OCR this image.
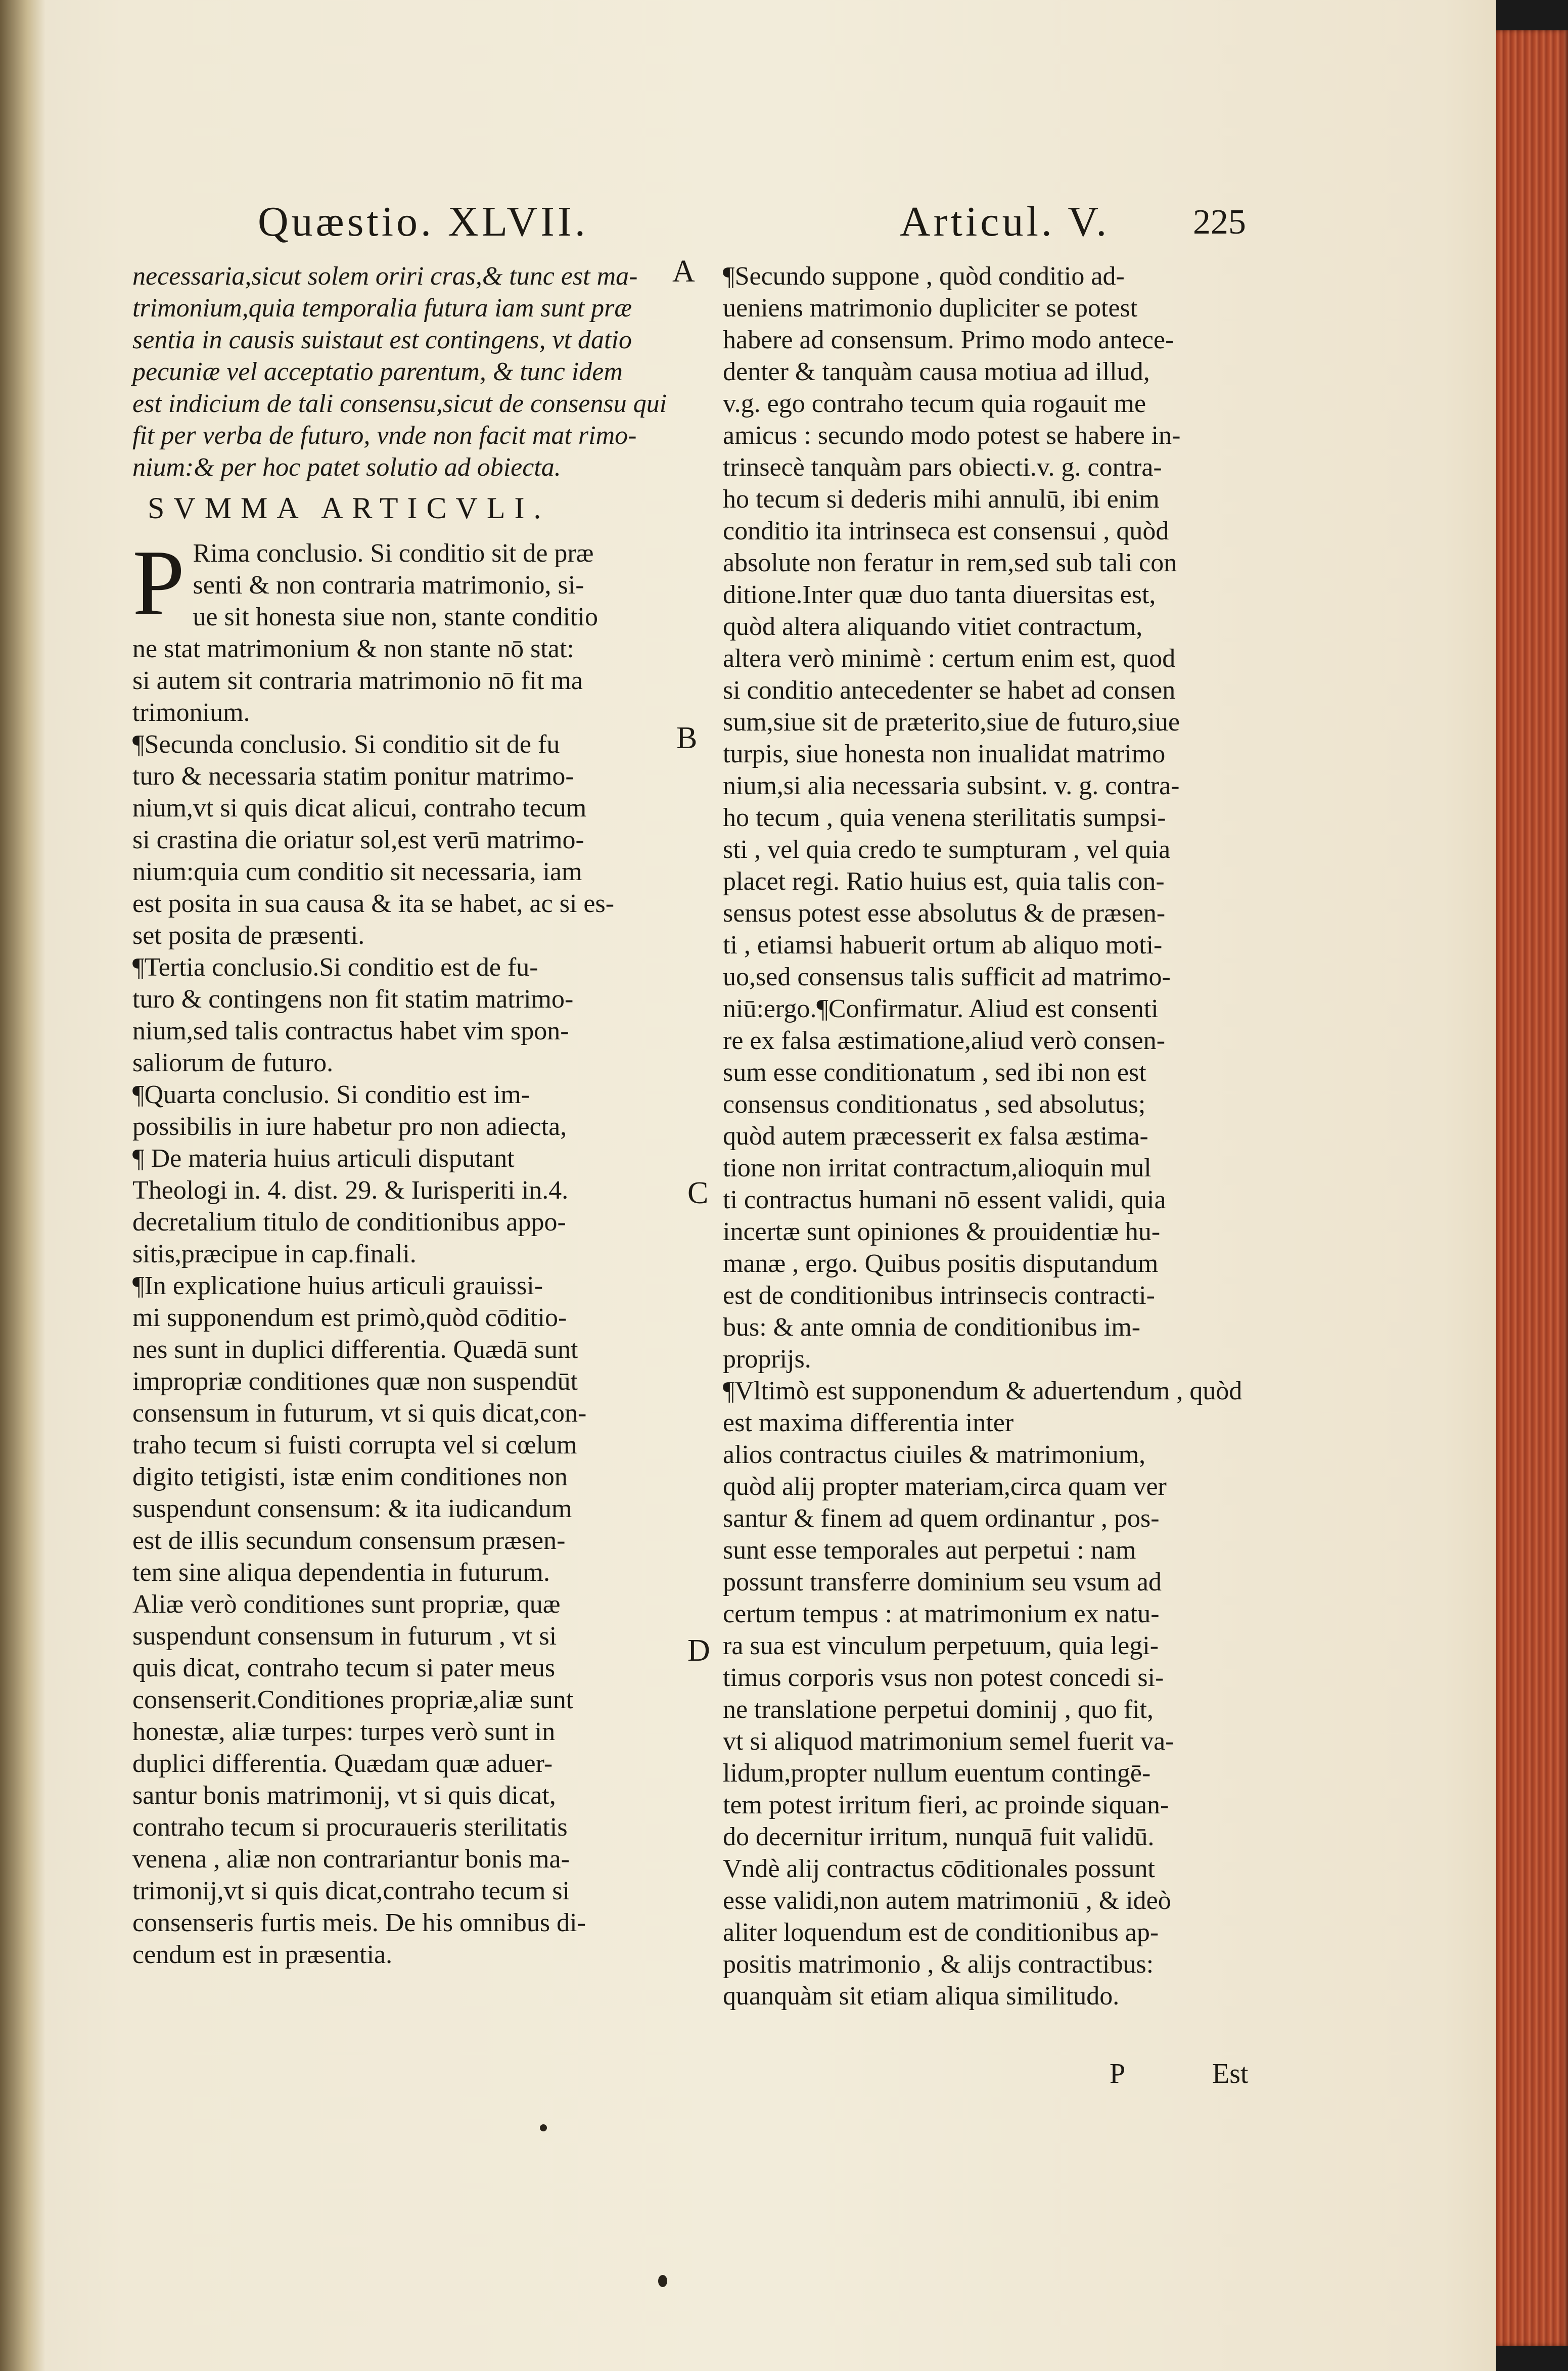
Quæstio. XLVII.	Articul. V. 225
A
B
C
D

necessaria,sicut solem oriri cras,& tunc est ma-
trimonium,quia temporalia futura iam sunt præ
sentia in causis suistaut est contingens, vt datio
pecuniæ vel acceptatio parentum, & tunc idem
est indicium de tali consensu,sicut de consensu qui
fit per verba de futuro, vnde non facit mat rimo-
nium:& per hoc patet solutio ad obiecta.

SVMMA ARTICVLI.

P Rima conclusio. Si conditio sit de præ
senti & non contraria matrimonio, si-
ue sit honesta siue non, stante conditio
ne stat matrimonium & non stante nō stat:
si autem sit contraria matrimonio nō fit ma
trimonium.

¶Secunda conclusio. Si conditio sit de fu
turo & necessaria statim ponitur matrimo-
nium,vt si quis dicat alicui, contraho tecum
si crastina die oriatur sol,est verū matrimo-
nium:quia cum conditio sit necessaria, iam
est posita in sua causa & ita se habet, ac si es-
set posita de præsenti.

¶Tertia conclusio.Si conditio est de fu-
turo & contingens non fit statim matrimo-
nium,sed talis contractus habet vim spon-
saliorum de futuro.

¶Quarta conclusio. Si conditio est im-
possibilis in iure habetur pro non adiecta,

¶ De materia huius articuli disputant
Theologi in. 4. dist. 29. & Iurisperiti in.4.
decretalium titulo de conditionibus appo-
sitis,præcipue in cap.finali.

¶In explicatione huius articuli grauissi-
mi supponendum est primò,quòd cōditio-
nes sunt in duplici differentia. Quædā sunt
impropriæ conditiones quæ non suspendūt
consensum in futurum, vt si quis dicat,con-
traho tecum si fuisti corrupta vel si cœlum
digito tetigisti, istæ enim conditiones non
suspendunt consensum: & ita iudicandum
est de illis secundum consensum præsen-
tem sine aliqua dependentia in futurum.
Aliæ verò conditiones sunt propriæ, quæ
suspendunt consensum in futurum , vt si
quis dicat, contraho tecum si pater meus
consenserit.Conditiones propriæ,aliæ sunt
honestæ, aliæ turpes: turpes verò sunt in
duplici differentia. Quædam quæ aduer-
santur bonis matrimonij, vt si quis dicat,
contraho tecum si procuraueris sterilitatis
venena , aliæ non contrariantur bonis ma-
trimonij,vt si quis dicat,contraho tecum si
consenseris furtis meis. De his omnibus di-
cendum est in præsentia.

¶Secundo suppone , quòd conditio ad-
ueniens matrimonio dupliciter se potest
habere ad consensum. Primo modo antece-
denter & tanquàm causa motiua ad illud,
v.g. ego contraho tecum quia rogauit me
amicus : secundo modo potest se habere in-
trinsecè tanquàm pars obiecti.v. g. contra-
ho tecum si dederis mihi annulū, ibi enim
conditio ita intrinseca est consensui , quòd
absolute non feratur in rem,sed sub tali con
ditione.Inter quæ duo tanta diuersitas est,
quòd altera aliquando vitiet contractum,
altera verò minimè : certum enim est, quod
si conditio antecedenter se habet ad consen
sum,siue sit de præterito,siue de futuro,siue
turpis, siue honesta non inualidat matrimo
nium,si alia necessaria subsint. v. g. contra-
ho tecum , quia venena sterilitatis sumpsi-
sti , vel quia credo te sumpturam , vel quia
placet regi. Ratio huius est, quia talis con-
sensus potest esse absolutus & de præsen-
ti , etiamsi habuerit ortum ab aliquo moti-
uo,sed consensus talis sufficit ad matrimo-
niū:ergo.¶Confirmatur. Aliud est consenti
re ex falsa æstimatione,aliud verò consen-
sum esse conditionatum , sed ibi non est
consensus conditionatus , sed absolutus;
quòd autem præcesserit ex falsa æstima-
tione non irritat contractum,alioquin mul
ti contractus humani nō essent validi, quia
incertæ sunt opiniones & prouidentiæ hu-
manæ , ergo. Quibus positis disputandum
est de conditionibus intrinsecis contracti-
bus: & ante omnia de conditionibus im-
proprijs.

¶Vltimò est supponendum & aduertendum , quòd est maxima differentia inter
alios contractus ciuiles & matrimonium,
quòd alij propter materiam,circa quam ver
santur & finem ad quem ordinantur , pos-
sunt esse temporales aut perpetui : nam
possunt transferre dominium seu vsum ad
certum tempus : at matrimonium ex natu-
ra sua est vinculum perpetuum, quia legi-
timus corporis vsus non potest concedi si-
ne translatione perpetui dominij , quo fit,
vt si aliquod matrimonium semel fuerit va-
lidum,propter nullum euentum contingē-
tem potest irritum fieri, ac proinde siquan-
do decernitur irritum, nunquā fuit validū.
Vndè alij contractus cōditionales possunt
esse validi,non autem matrimoniū , & ideò
aliter loquendum est de conditionibus ap-
positis matrimonio , & alijs contractibus:
quanquàm sit etiam aliqua similitudo.

P	Est
